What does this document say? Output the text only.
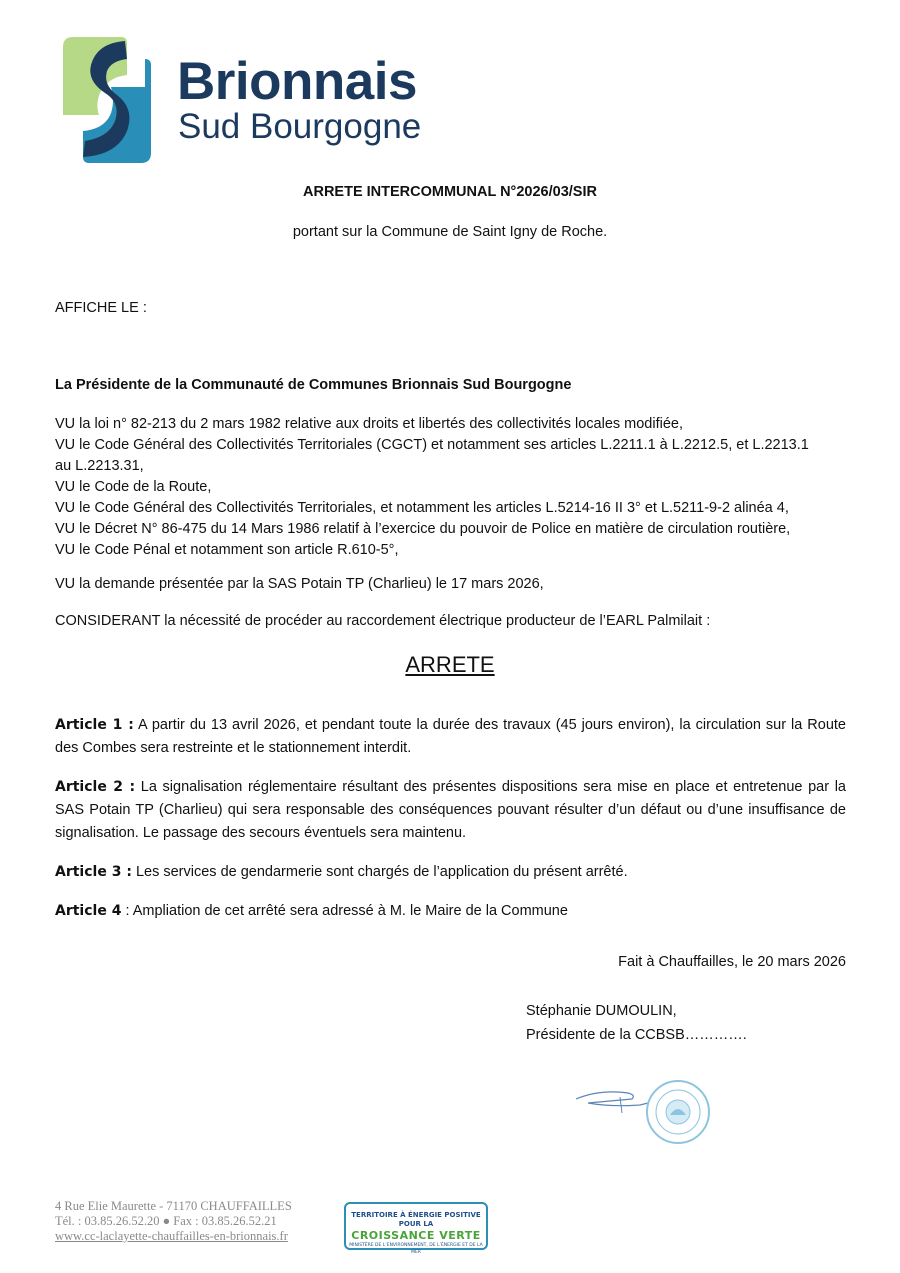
Brionnais
Sud Bourgogne
ARRETE INTERCOMMUNAL N°2026/03/SIR
portant sur la Commune de Saint Igny de Roche.
AFFICHE LE :
La Présidente de la Communauté de Communes Brionnais Sud Bourgogne
VU la loi n° 82-213 du 2 mars 1982 relative aux droits et libertés des collectivités locales modifiée,
VU le Code Général des Collectivités Territoriales (CGCT) et notamment ses articles L.2211.1 à L.2212.5, et L.2213.1
au L.2213.31,
VU le Code de la Route,
VU le Code Général des Collectivités Territoriales, et notamment les articles L.5214-16 II 3° et L.5211-9-2 alinéa 4,
VU le Décret N° 86-475 du 14 Mars 1986 relatif à l’exercice du pouvoir de Police en matière de circulation routière,
VU le Code Pénal et notamment son article R.610-5°,
VU la demande présentée par la SAS Potain TP (Charlieu) le 17 mars 2026,
CONSIDERANT la nécessité de procéder au raccordement électrique producteur de l’EARL Palmilait :
ARRETE
Article 1 : A partir du 13 avril 2026, et pendant toute la durée des travaux (45 jours environ), la circulation sur la Route des Combes sera restreinte et le stationnement interdit.
Article 2 : La signalisation réglementaire résultant des présentes dispositions sera mise en place et entretenue par la SAS Potain TP (Charlieu) qui sera responsable des conséquences pouvant résulter d’un défaut ou d’une insuffisance de signalisation. Le passage des secours éventuels sera maintenu.
Article 3 : Les services de gendarmerie sont chargés de l’application du présent arrêté.
Article 4 : Ampliation de cet arrêté sera adressé à M. le Maire de la Commune
Fait à Chauffailles, le 20 mars 2026
Stéphanie DUMOULIN,
Présidente de la CCBSB………….
4 Rue Elie Maurette - 71170 CHAUFFAILLES
Tél. : 03.85.26.52.20 ● Fax : 03.85.26.52.21
www.cc-laclayette-chauffailles-en-brionnais.fr
TERRITOIRE À ÉNERGIE POSITIVE POUR LA
CROISSANCE VERTE
MINISTÈRE DE L’ENVIRONNEMENT, DE L’ÉNERGIE ET DE LA MER
